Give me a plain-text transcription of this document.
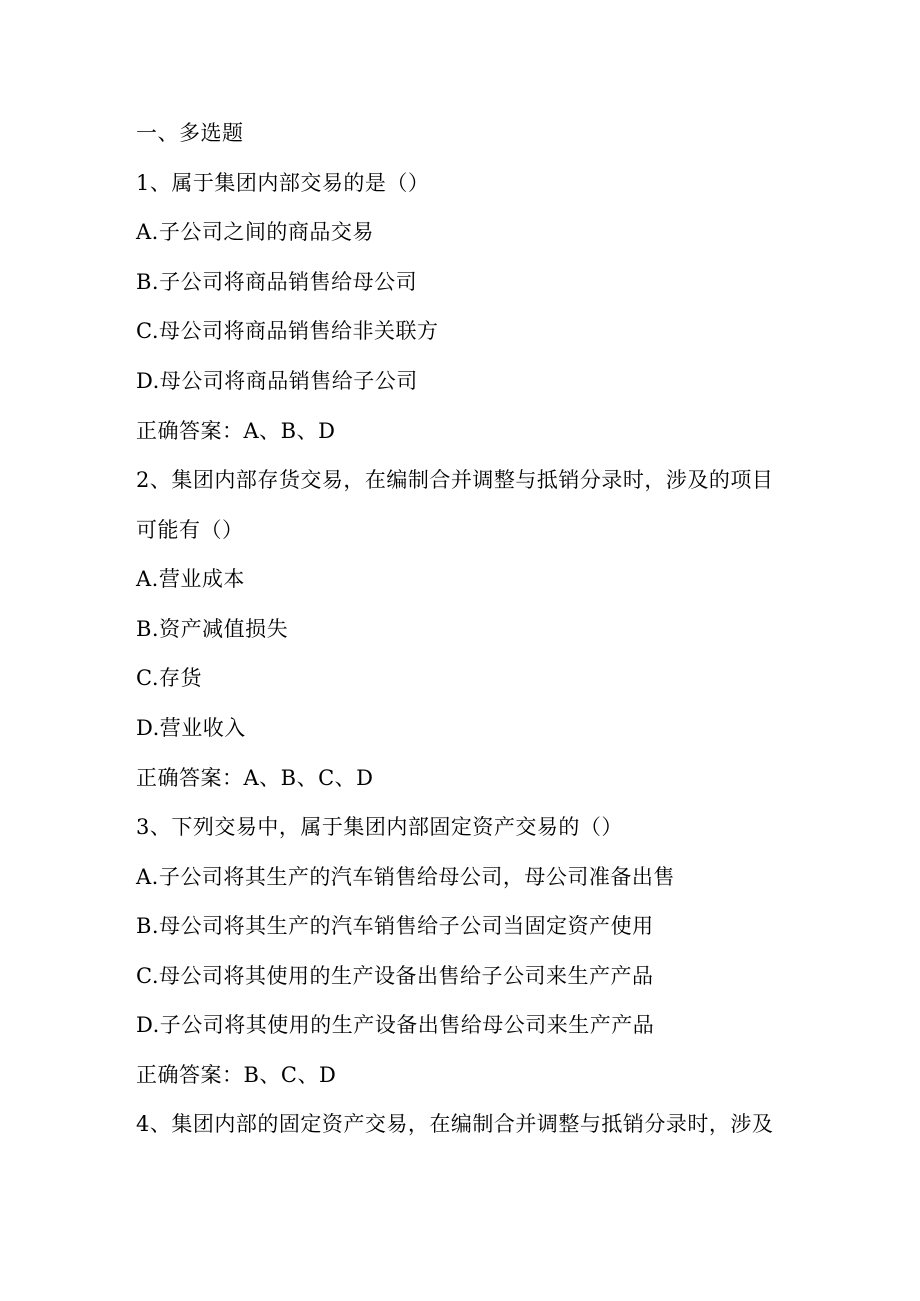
一、多选题
1、属于集团内部交易的是（）
A.子公司之间的商品交易
B.子公司将商品销售给母公司
C.母公司将商品销售给非关联方
D.母公司将商品销售给子公司
正确答案：A、B、D
2、集团内部存货交易，在编制合并调整与抵销分录时，涉及的项目
可能有（）
A.营业成本
B.资产减值损失
C.存货
D.营业收入
正确答案：A、B、C、D
3、下列交易中，属于集团内部固定资产交易的（）
A.子公司将其生产的汽车销售给母公司，母公司准备出售
B.母公司将其生产的汽车销售给子公司当固定资产使用
C.母公司将其使用的生产设备出售给子公司来生产产品
D.子公司将其使用的生产设备出售给母公司来生产产品
正确答案：B、C、D
4、集团内部的固定资产交易，在编制合并调整与抵销分录时，涉及
